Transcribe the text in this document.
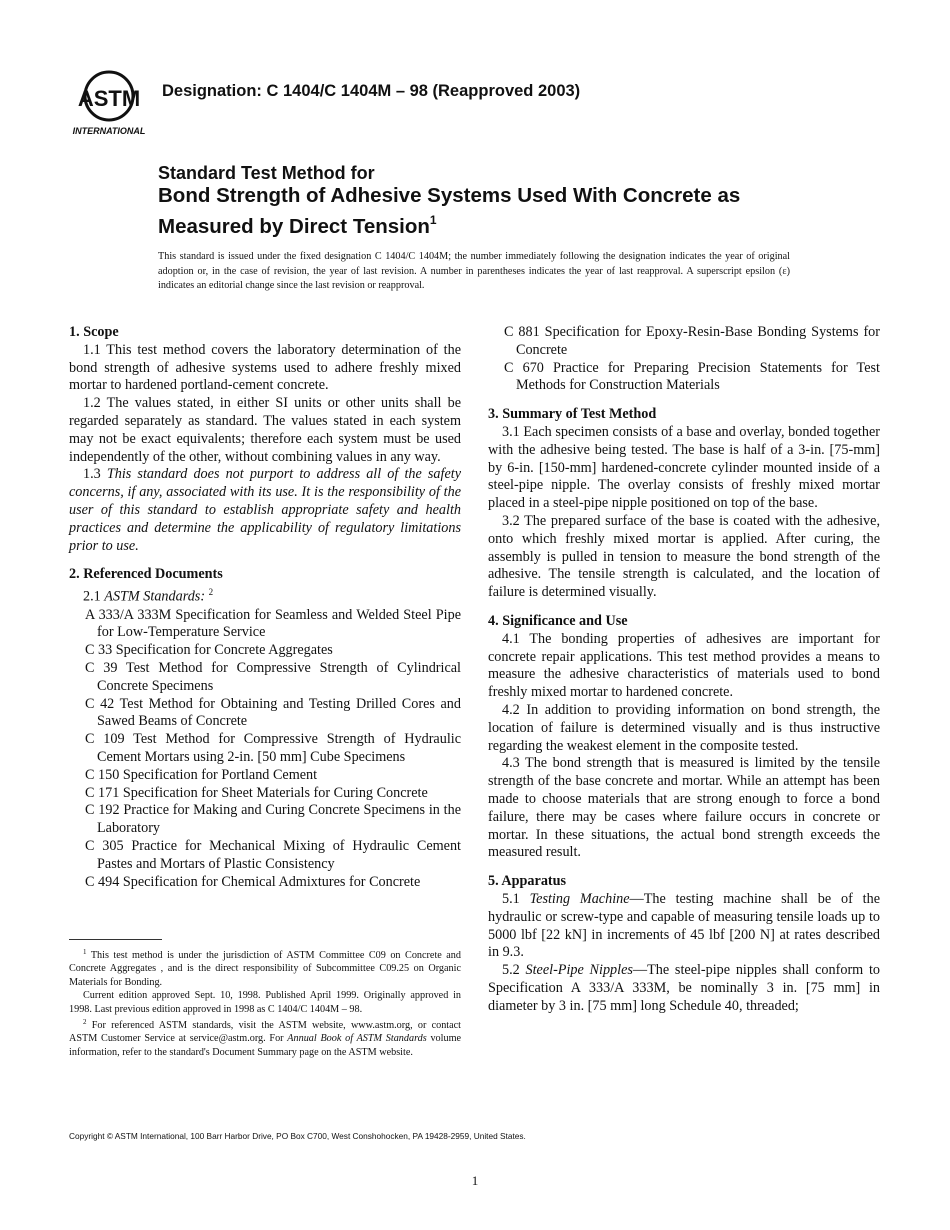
ASTM
INTERNATIONAL
Designation: C 1404/C 1404M – 98 (Reapproved 2003)
Standard Test Method for
Bond Strength of Adhesive Systems Used With Concrete as
Measured by Direct Tension$^1$
This standard is issued under the fixed designation C 1404/C 1404M; the number immediately following the designation indicates the year of original adoption or, in the case of revision, the year of last revision. A number in parentheses indicates the year of last reapproval. A superscript epsilon (ε) indicates an editorial change since the last revision or reapproval.
1. Scope

1.1 This test method covers the laboratory determination of the bond strength of adhesive systems used to adhere freshly mixed mortar to hardened portland-cement concrete.

1.2 The values stated, in either SI units or other units shall be regarded separately as standard. The values stated in each system may not be exact equivalents; therefore each system must be used independently of the other, without combining values in any way.

1.3 This standard does not purport to address all of the safety concerns, if any, associated with its use. It is the responsibility of the user of this standard to establish appropriate safety and health practices and determine the applicability of regulatory limitations prior to use.

2. Referenced Documents

2.1 ASTM Standards: $^2$

A 333/A 333M Specification for Seamless and Welded Steel Pipe for Low-Temperature Service
C 33 Specification for Concrete Aggregates
C 39 Test Method for Compressive Strength of Cylindrical Concrete Specimens
C 42 Test Method for Obtaining and Testing Drilled Cores and Sawed Beams of Concrete
C 109 Test Method for Compressive Strength of Hydraulic Cement Mortars using 2-in. [50 mm] Cube Specimens
C 150 Specification for Portland Cement
C 171 Specification for Sheet Materials for Curing Concrete
C 192 Practice for Making and Curing Concrete Specimens in the Laboratory
C 305 Practice for Mechanical Mixing of Hydraulic Cement Pastes and Mortars of Plastic Consistency
C 494 Specification for Chemical Admixtures for Concrete

$^1$ This test method is under the jurisdiction of ASTM Committee C09 on Concrete and Concrete Aggregates , and is the direct responsibility of Subcommittee C09.25 on Organic Materials for Bonding.

Current edition approved Sept. 10, 1998. Published April 1999. Originally approved in 1998. Last previous edition approved in 1998 as C 1404/C 1404M – 98.

$^2$ For referenced ASTM standards, visit the ASTM website, www.astm.org, or contact ASTM Customer Service at service@astm.org. For Annual Book of ASTM Standards volume information, refer to the standard's Document Summary page on the ASTM website.

C 881 Specification for Epoxy-Resin-Base Bonding Systems for Concrete
C 670 Practice for Preparing Precision Statements for Test Methods for Construction Materials
3. Summary of Test Method

3.1 Each specimen consists of a base and overlay, bonded together with the adhesive being tested. The base is half of a 3-in. [75-mm] by 6-in. [150-mm] hardened-concrete cylinder mounted inside of a steel-pipe nipple. The overlay consists of freshly mixed mortar placed in a steel-pipe nipple positioned on top of the base.

3.2 The prepared surface of the base is coated with the adhesive, onto which freshly mixed mortar is applied. After curing, the assembly is pulled in tension to measure the bond strength of the adhesive. The tensile strength is calculated, and the location of failure is determined visually.

4. Significance and Use

4.1 The bonding properties of adhesives are important for concrete repair applications. This test method provides a means to measure the adhesive characteristics of materials used to bond freshly mixed mortar to hardened concrete.

4.2 In addition to providing information on bond strength, the location of failure is determined visually and is thus instructive regarding the weakest element in the composite tested.

4.3 The bond strength that is measured is limited by the tensile strength of the base concrete and mortar. While an attempt has been made to choose materials that are strong enough to force a bond failure, there may be cases where failure occurs in concrete or mortar. In these situations, the actual bond strength exceeds the measured result.

5. Apparatus

5.1 Testing Machine—The testing machine shall be of the hydraulic or screw-type and capable of measuring tensile loads up to 5000 lbf [22 kN] in increments of 45 lbf [200 N] at rates described in 9.3.

5.2 Steel-Pipe Nipples—The steel-pipe nipples shall conform to Specification A 333/A 333M, be nominally 3 in. [75 mm] in diameter by 3 in. [75 mm] long Schedule 40, threaded;

Copyright © ASTM International, 100 Barr Harbor Drive, PO Box C700, West Conshohocken, PA 19428-2959, United States.
1
